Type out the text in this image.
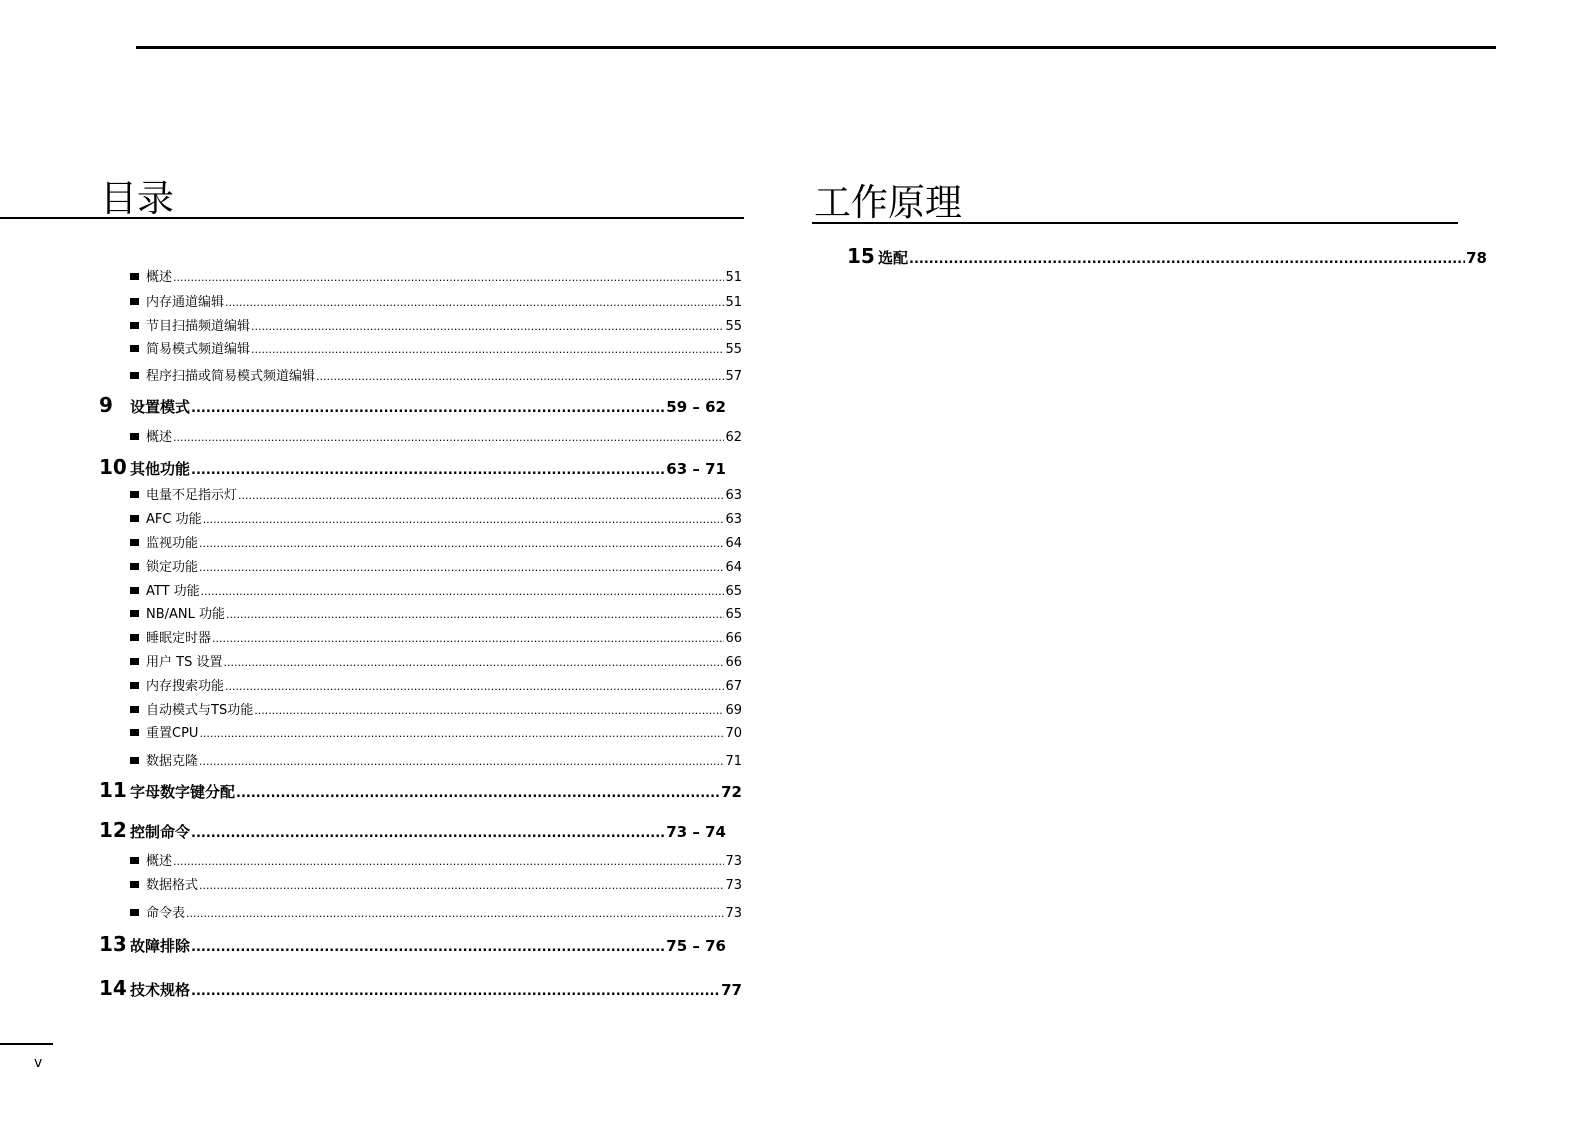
目录	工作原理
概述 .....	51
内存通道编辑 .....	51
节目扫描频道编辑 .....	55
简易模式频道编辑 .....	55
程序扫描或简易模式频道编辑 .....	57
9	设置模式 .....	59 – 62
概述 .....	62
10 其他功能 .....	63 – 71
电量不足指示灯 .....	63
AFC 功能 .....	63
监视功能 .....	64
锁定功能 .....	64
ATT 功能 .....	65
NB/ANL 功能 .....	65
睡眠定时器 .....	66
用户 TS 设置 .....	66
内存搜索功能 .....	67
自动模式与TS功能 .....	69
重置CPU .....	70
数据克隆 .....	71
11 字母数字键分配 .....	72
12 控制命令 .....	73 – 74
概述 .....	73
数据格式 .....	73
命令表 .....	73
13 故障排除 .....	75 – 76
14 技术规格 .....	77
15 选配 .....	78
v
